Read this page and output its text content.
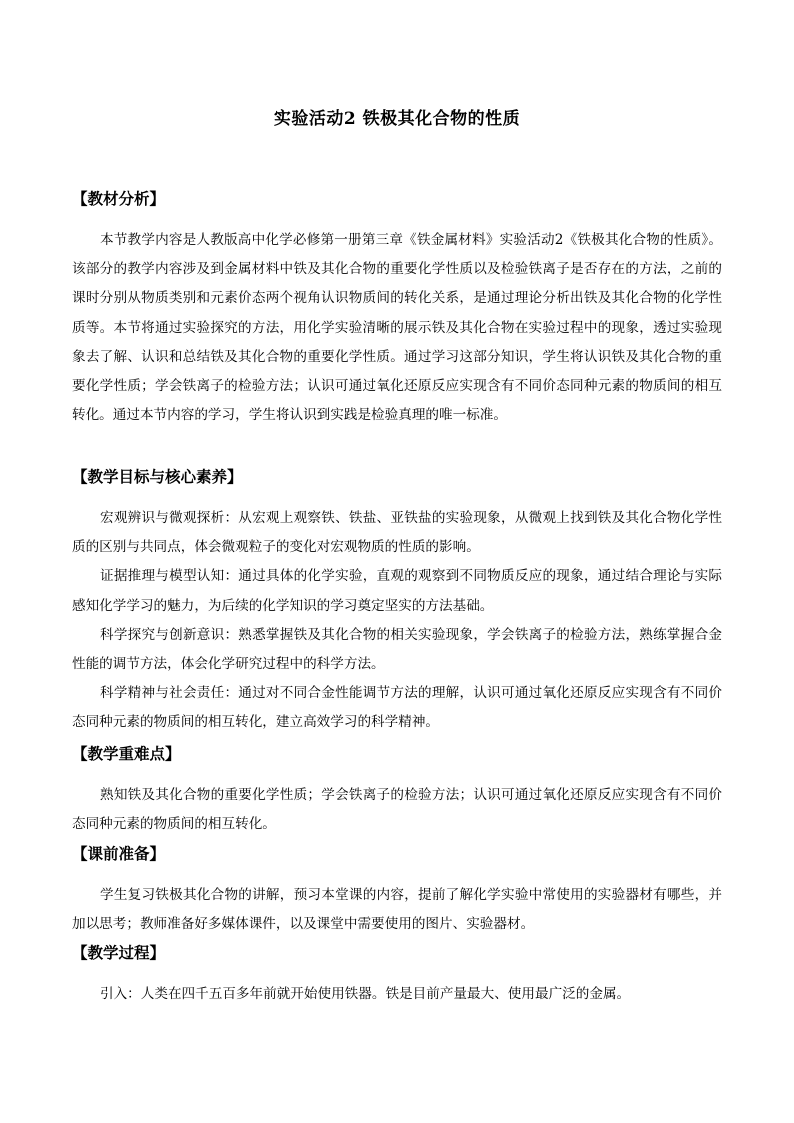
实验活动2 铁极其化合物的性质
【教材分析】

本节教学内容是人教版高中化学必修第一册第三章《铁金属材料》实验活动2《铁极其化合物的性质》。该部分的教学内容涉及到金属材料中铁及其化合物的重要化学性质以及检验铁离子是否存在的方法，之前的课时分别从物质类别和元素价态两个视角认识物质间的转化关系，是通过理论分析出铁及其化合物的化学性质等。本节将通过实验探究的方法，用化学实验清晰的展示铁及其化合物在实验过程中的现象，透过实验现象去了解、认识和总结铁及其化合物的重要化学性质。通过学习这部分知识，学生将认识铁及其化合物的重要化学性质；学会铁离子的检验方法；认识可通过氧化还原反应实现含有不同价态同种元素的物质间的相互转化。通过本节内容的学习，学生将认识到实践是检验真理的唯一标准。

【教学目标与核心素养】

宏观辨识与微观探析：从宏观上观察铁、铁盐、亚铁盐的实验现象，从微观上找到铁及其化合物化学性质的区别与共同点，体会微观粒子的变化对宏观物质的性质的影响。

证据推理与模型认知：通过具体的化学实验，直观的观察到不同物质反应的现象，通过结合理论与实际感知化学学习的魅力，为后续的化学知识的学习奠定坚实的方法基础。

科学探究与创新意识：熟悉掌握铁及其化合物的相关实验现象，学会铁离子的检验方法，熟练掌握合金性能的调节方法，体会化学研究过程中的科学方法。

科学精神与社会责任：通过对不同合金性能调节方法的理解，认识可通过氧化还原反应实现含有不同价态同种元素的物质间的相互转化，建立高效学习的科学精神。

【教学重难点】

熟知铁及其化合物的重要化学性质；学会铁离子的检验方法；认识可通过氧化还原反应实现含有不同价态同种元素的物质间的相互转化。

【课前准备】

学生复习铁极其化合物的讲解，预习本堂课的内容，提前了解化学实验中常使用的实验器材有哪些，并加以思考；教师准备好多媒体课件，以及课堂中需要使用的图片、实验器材。

【教学过程】

引入：人类在四千五百多年前就开始使用铁器。铁是目前产量最大、使用最广泛的金属。
